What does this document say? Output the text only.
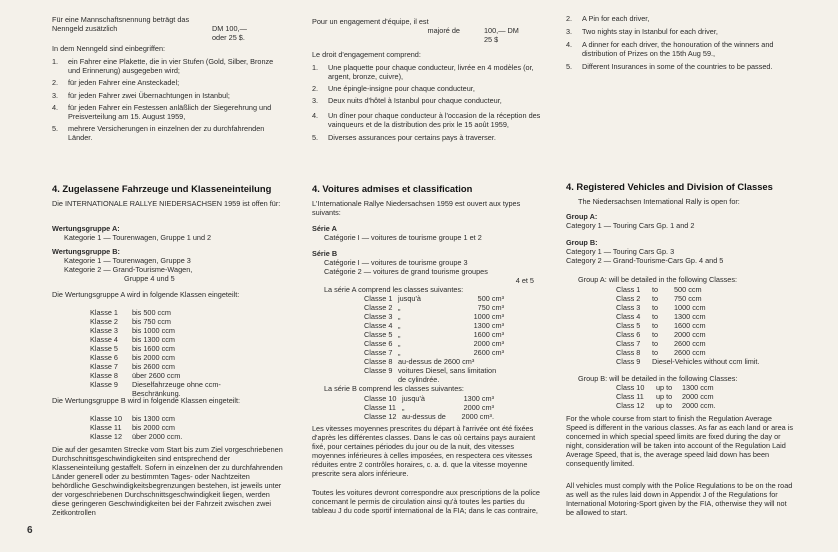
Für eine Mannschaftsnennung beträgt das Nenngeld zusätzlich	DM 100,—
oder 25 $.
In dem Nenngeld sind einbegriffen:
1.	ein Fahrer eine Plakette, die in vier Stufen (Gold, Silber, Bronze und Erinnerung) ausgegeben wird;
2.	für jeden Fahrer eine Ansteckadel;
3.	für jeden Fahrer zwei Übernachtungen in Istanbul;
4.	für jeden Fahrer ein Festessen anläßlich der Siegerehrung und Preisverteilung am 15. August 1959,
5.	mehrere Versicherungen in einzelnen der zu durchfahrenden Länder.
4. Zugelassene Fahrzeuge und Klasseneinteilung
Die INTERNATIONALE RALLYE NIEDERSACHSEN 1959 ist offen für:

Wertungsgruppe A:

Kategorie 1 — Tourenwagen, Gruppe 1 und 2

Wertungsgruppe B:

Kategorie 1 — Tourenwagen, Gruppe 3

Kategorie 2 — Grand-Tourisme-Wagen,

Gruppe 4 und 5

Die Wertungsgruppe A wird in folgende Klassen eingeteilt:
Klasse 1	bis 500 ccm
Klasse 2	bis 750 ccm
Klasse 3	bis 1000 ccm
Klasse 4	bis 1300 ccm
Klasse 5	bis 1600 ccm
Klasse 6	bis 2000 ccm
Klasse 7	bis 2600 ccm
Klasse 8	über 2600 ccm
Klasse 9	Dieselfahrzeuge ohne ccm-Beschränkung.
Die Wertungsgruppe B wird in folgende Klassen eingeteilt:
Klasse 10	bis 1300 ccm
Klasse 11	bis 2000 ccm
Klasse 12	über 2000 ccm.
Die auf der gesamten Strecke vom Start bis zum Ziel vorgeschriebenen Durchschnittsgeschwindigkeiten sind entsprechend der Klasseneinteilung gestaffelt. Sofern in einzelnen der zu durchfahrenden Länder generell oder zu bestimmten Tages- oder Nachtzeiten behördliche Geschwindigkeitsbegrenzungen bestehen, ist jeweils unter der vorgeschriebenen Durchschnittsgeschwindigkeit liegen, werden diese geringeren Geschwindigkeiten bei der Fahrzeit zwischen zwei Zeitkontrollen
Pour un engagement d'équipe, il est
majoré de	100,— DM
25 $
Le droit d'engagement comprend:
1.	Une plaquette pour chaque conducteur, livrée en 4 modèles (or, argent, bronze, cuivre),
2.	Une épingle-insigne pour chaque conducteur,
3.	Deux nuits d'hôtel à Istanbul pour chaque conducteur,
4.	Un dîner pour chaque conducteur à l'occasion de la réception des vainqueurs et de la distribution des prix le 15 août 1959,
5.	Diverses assurances pour certains pays à traverser.
4. Voitures admises et classification
L'Internationale Rallye Niedersachsen 1959 est ouvert aux types suivants:

Série A

Catégorie I — voitures de tourisme groupe 1 et 2

Série B

Catégorie I — voitures de tourisme groupe 3

Catégorie 2 — voitures de grand tourisme groupes

4 et 5

La série A comprend les classes suivantes:
Classe 1 jusqu'à	500 cm³
Classe 2 „	750 cm³
Classe 3 „	1000 cm³
Classe 4 „	1300 cm³
Classe 5 „	1600 cm³
Classe 6 „	2000 cm³
Classe 7 „	2600 cm³
Classe 8 au-dessus de 2600 cm³
Classe 9 voitures Diesel, sans limitation de cylindrée.
La série B comprend les classes suivantes:
Classe 10 jusqu'à	1300 cm³
Classe 11 „	2000 cm³
Classe 12 au-dessus de	2000 cm³.
Les vitesses moyennes prescrites du départ à l'arrivée ont été fixées d'après les différentes classes. Dans le cas où certains pays auraient fixé, pour certaines périodes du jour ou de la nuit, des vitesses moyennes inférieures à celles imposées, en respectera ces vitesses réduites entre 2 contrôles horaires, c. a. d. que la vitesse moyenne prescrite sera alors inférieure.
Toutes les voitures devront correspondre aux prescriptions de la police concernant le permis de circulation ainsi qu'à toutes les parties du tableau J du code sportif international de la FIA; dans le cas contraire,
2.	A Pin for each driver,
3.	Two nights stay in Istanbul for each driver,
4.	A dinner for each driver, the honouration of the winners and distribution of Prizes on the 15th Aug 59.,
5.	Different Insurances in some of the countries to be passed.
4. Registered Vehicles and Division of Classes
The Niedersachsen International Rally is open for:

Group A:

Category 1 — Touring Cars Gp. 1 and 2

Group B:

Category 1 — Touring Cars Gp. 3

Category 2 — Grand-Tourisme-Cars Gp. 4 and 5

Group A: will be detailed in the following Classes:
Class 1	to	500 ccm
Class 2	to	750 ccm
Class 3	to	1000 ccm
Class 4	to	1300 ccm
Class 5	to	1600 ccm
Class 6	to	2000 ccm
Class 7	to	2600 ccm
Class 8	to	2600 ccm
Class 9	Diesel-Vehicles without ccm limit.
Group B: will be detailed in the following Classes:
Class 10	up to	1300 ccm
Class 11	up to	2000 ccm
Class 12	up to	2000 ccm.
For the whole course from start to finish the Regulation Average Speed is different in the various classes. As far as each land or area is concerned in which special speed limits are fixed during the day or night, consideration will be taken into account of the Regulation Laid Average Speed, that is, the average speed laid down has been consequently limited.
All vehicles must comply with the Police Regulations to be on the road as well as the rules laid down in Appendix J of the Regulations for International Motoring-Sport given by the FIA, otherwise they will not be allowed to start.
6
